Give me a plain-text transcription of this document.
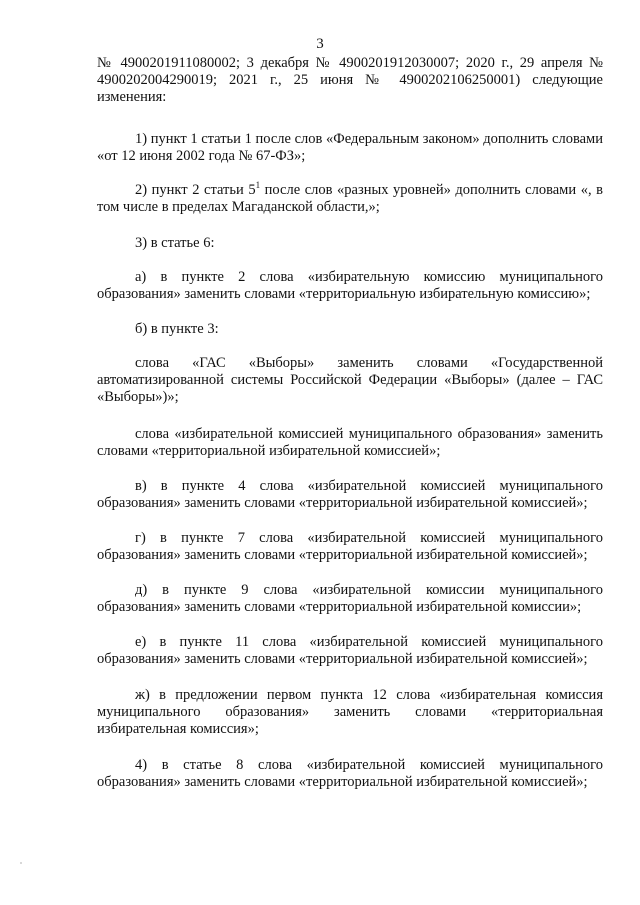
3

№ 4900201911080002; 3 декабря № 4900201912030007; 2020 г., 29 апреля № 4900202004290019; 2021 г., 25 июня № 4900202106250001) следующие изменения:

1) пункт 1 статьи 1 после слов «Федеральным законом» дополнить словами «от 12 июня 2002 года № 67-ФЗ»;

2) пункт 2 статьи $5^1$ после слов «разных уровней» дополнить словами «, в том числе в пределах Магаданской области,»;

3) в статье 6:

а) в пункте 2 слова «избирательную комиссию муниципального образования» заменить словами «территориальную избирательную комиссию»;

б) в пункте 3:

слова «ГАС «Выборы» заменить словами «Государственной автоматизированной системы Российской Федерации «Выборы» (далее – ГАС «Выборы»)»;

слова «избирательной комиссией муниципального образования» заменить словами «территориальной избирательной комиссией»;

в) в пункте 4 слова «избирательной комиссией муниципального образования» заменить словами «территориальной избирательной комиссией»;

г) в пункте 7 слова «избирательной комиссией муниципального образования» заменить словами «территориальной избирательной комиссией»;

д) в пункте 9 слова «избирательной комиссии муниципального образования» заменить словами «территориальной избирательной комиссии»;

е) в пункте 11 слова «избирательной комиссией муниципального образования» заменить словами «территориальной избирательной комиссией»;

ж) в предложении первом пункта 12 слова «избирательная комиссия муниципального образования» заменить словами «территориальная избирательная комиссия»;

4) в статье 8 слова «избирательной комиссией муниципального образования» заменить словами «территориальной избирательной комиссией»;
